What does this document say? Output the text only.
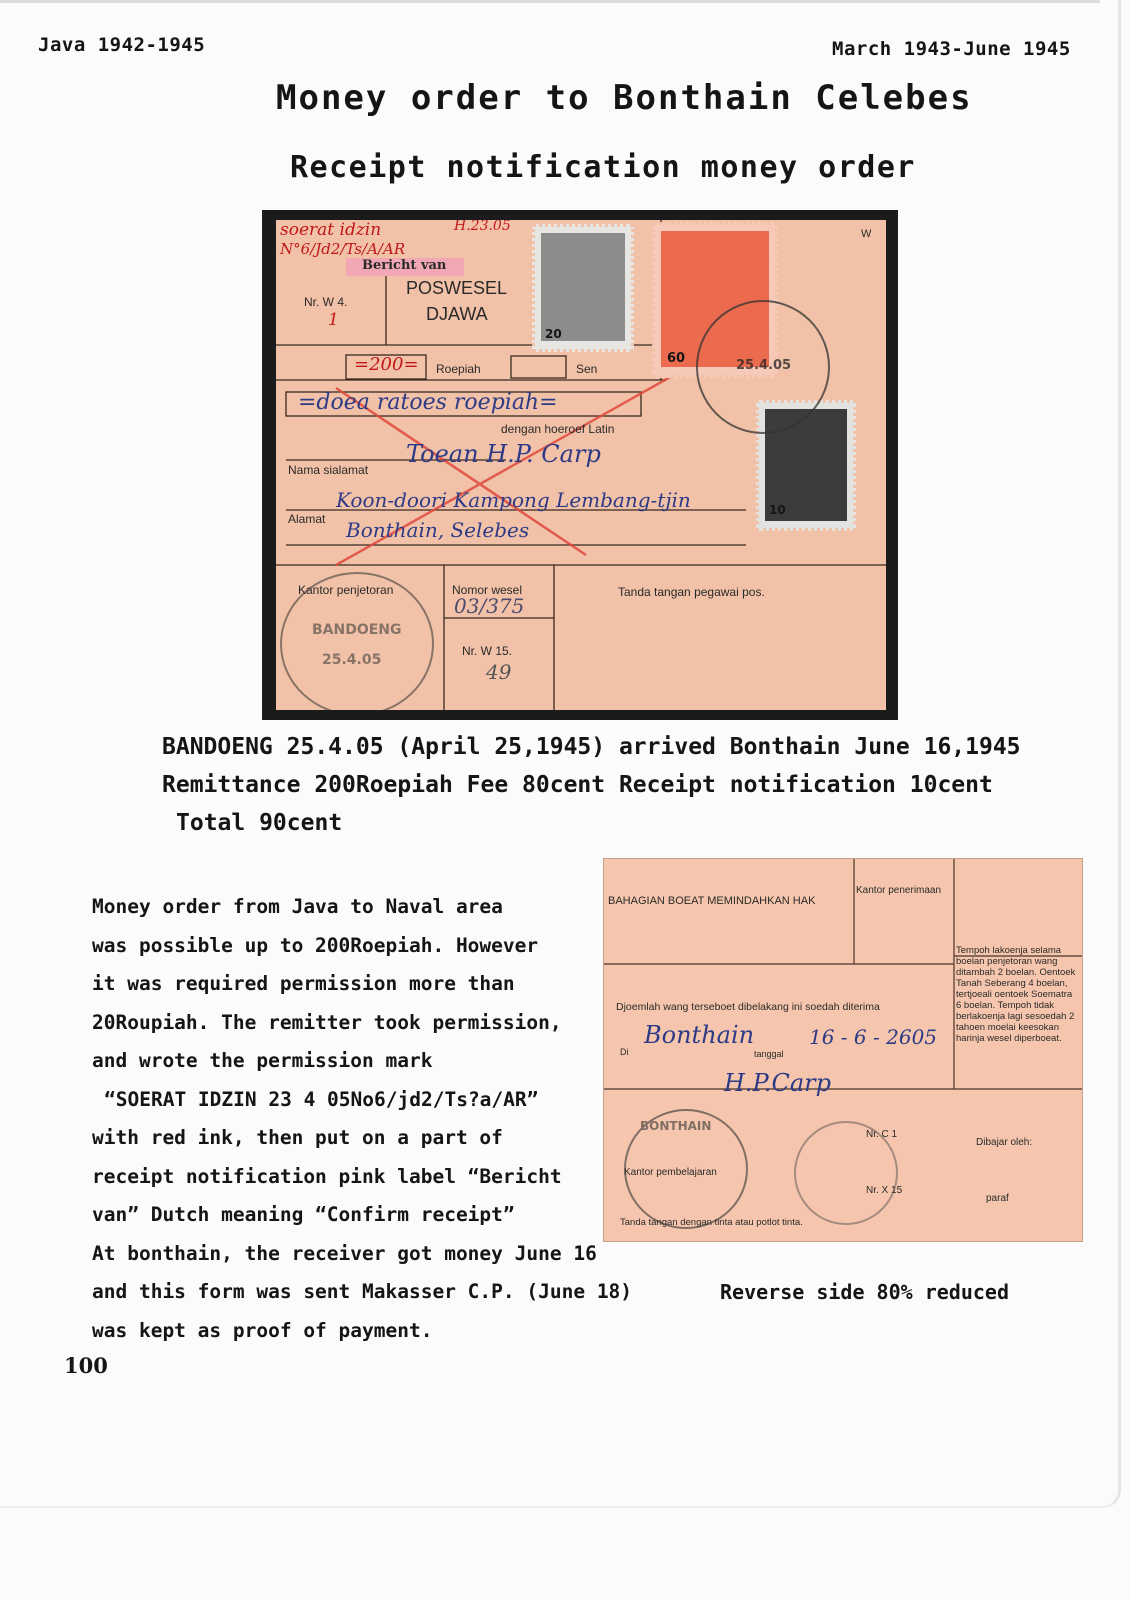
Java 1942-1945	March 1943-June 1945
Money order to Bonthain Celebes
Receipt notification money order
soerat idzin	H.23.05
N°6/Jd2/Ts/A/AR
Bericht van
Nr. W 4.
1
POSWESEL
DJAWA
=200= Roepiah	Sen
=doea ratoes roepiah=
dengan hoeroef Latin
Nama sialamat
Toean H.P. Carp
Alamat
Koon-doori Kampong Lembang-tjin
Bonthain, Selebes
Kantor penjetoran	Nomor wesel
03/375
Tanda tangan pegawai pos.
Nr. W 15.
49
W
20
60
10
25.4.05
BANDOENG
25.4.05
BANDOENG 25.4.05 (April 25,1945) arrived Bonthain June 16,1945
Remittance 200Roepiah Fee 80cent Receipt notification 10cent
Total 90cent
Money order from Java to Naval area
was possible up to 200Roepiah. However
it was required permission more than
20Roupiah. The remitter took permission,
and wrote the permission mark
“SOERAT IDZIN 23 4 05No6/jd2/Ts?a/AR”
with red ink, then put on a part of
receipt notification pink label “Bericht
van” Dutch meaning “Confirm receipt”
At bonthain, the receiver got money June 16
and this form was sent Makasser C.P. (June 18)
was kept as proof of payment.
100
BAHAGIAN BOEAT MEMINDAHKAN HAK
Kantor penerimaan
Tempoh lakoenja selama boelan penjetoran wang ditambah 2 boelan. Oentoek Tanah Seberang 4 boelan, tertjoeali oentoek Soematra 6 boelan. Tempoh tidak berlakoenja lagi sesoedah 2 tahoen moelai keesokan harinja wesel diperboeat.
Djoemlah wang terseboet dibelakang ini soedah diterima
Di
Bonthain
tanggal
16 - 6 - 2605
H.P.Carp
Nr. C 1
Nr. X 15
Dibajar oleh:
paraf
Kantor pembelajaran
Tanda tangan dengan tinta atau potlot tinta.
BONTHAIN
Reverse side 80% reduced
